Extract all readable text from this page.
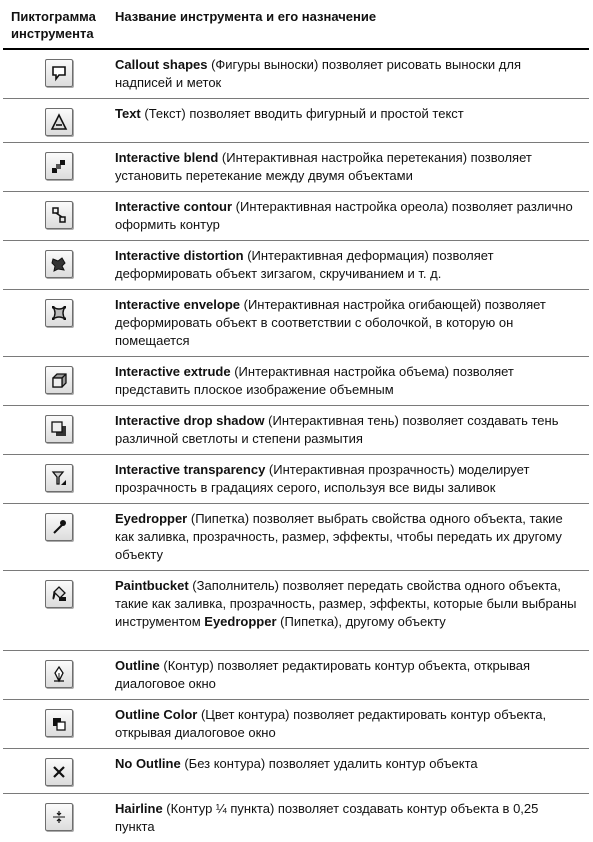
Пиктограмма инструмента	Название инструмента и его назначение

	Callout shapes (Фигуры выноски) позволяет рисовать выноски для надписей и меток

	Text (Текст) позволяет вводить фигурный и простой текст

	Interactive blend (Интерактивная настройка перетекания) позволяет установить перетекание между двумя объектами

	Interactive contour (Интерактивная настройка ореола) позволяет различно оформить контур

	Interactive distortion (Интерактивная деформация) позволяет деформировать объект зигзагом, скручиванием и т. д.

	Interactive envelope (Интерактивная настройка огибающей) позволяет деформировать объект в соответствии с оболочкой, в которую он помещается

	Interactive extrude (Интерактивная настройка объема) позволяет представить плоское изображение объемным

	Interactive drop shadow (Интерактивная тень) позволяет создавать тень различной светлоты и степени размытия

	Interactive transparency (Интерактивная прозрачность) моделирует прозрачность в градациях серого, используя все виды заливок

	Eyedropper (Пипетка) позволяет выбрать свойства одного объекта, такие как заливка, прозрачность, размер, эффекты, чтобы передать их другому объекту

	Paintbucket (Заполнитель) позволяет передать свойства одного объекта, такие как заливка, прозрачность, размер, эффекты, которые были выбраны инструментом Eyedropper (Пипетка), другому объекту

	Outline (Контур) позволяет редактировать контур объекта, открывая диалоговое окно

	Outline Color (Цвет контура) позволяет редактировать контур объекта, открывая диалоговое окно

	No Outline (Без контура) позволяет удалить контур объекта

	Hairline (Контур ¼ пункта) позволяет создавать контур объекта в 0,25 пункта
